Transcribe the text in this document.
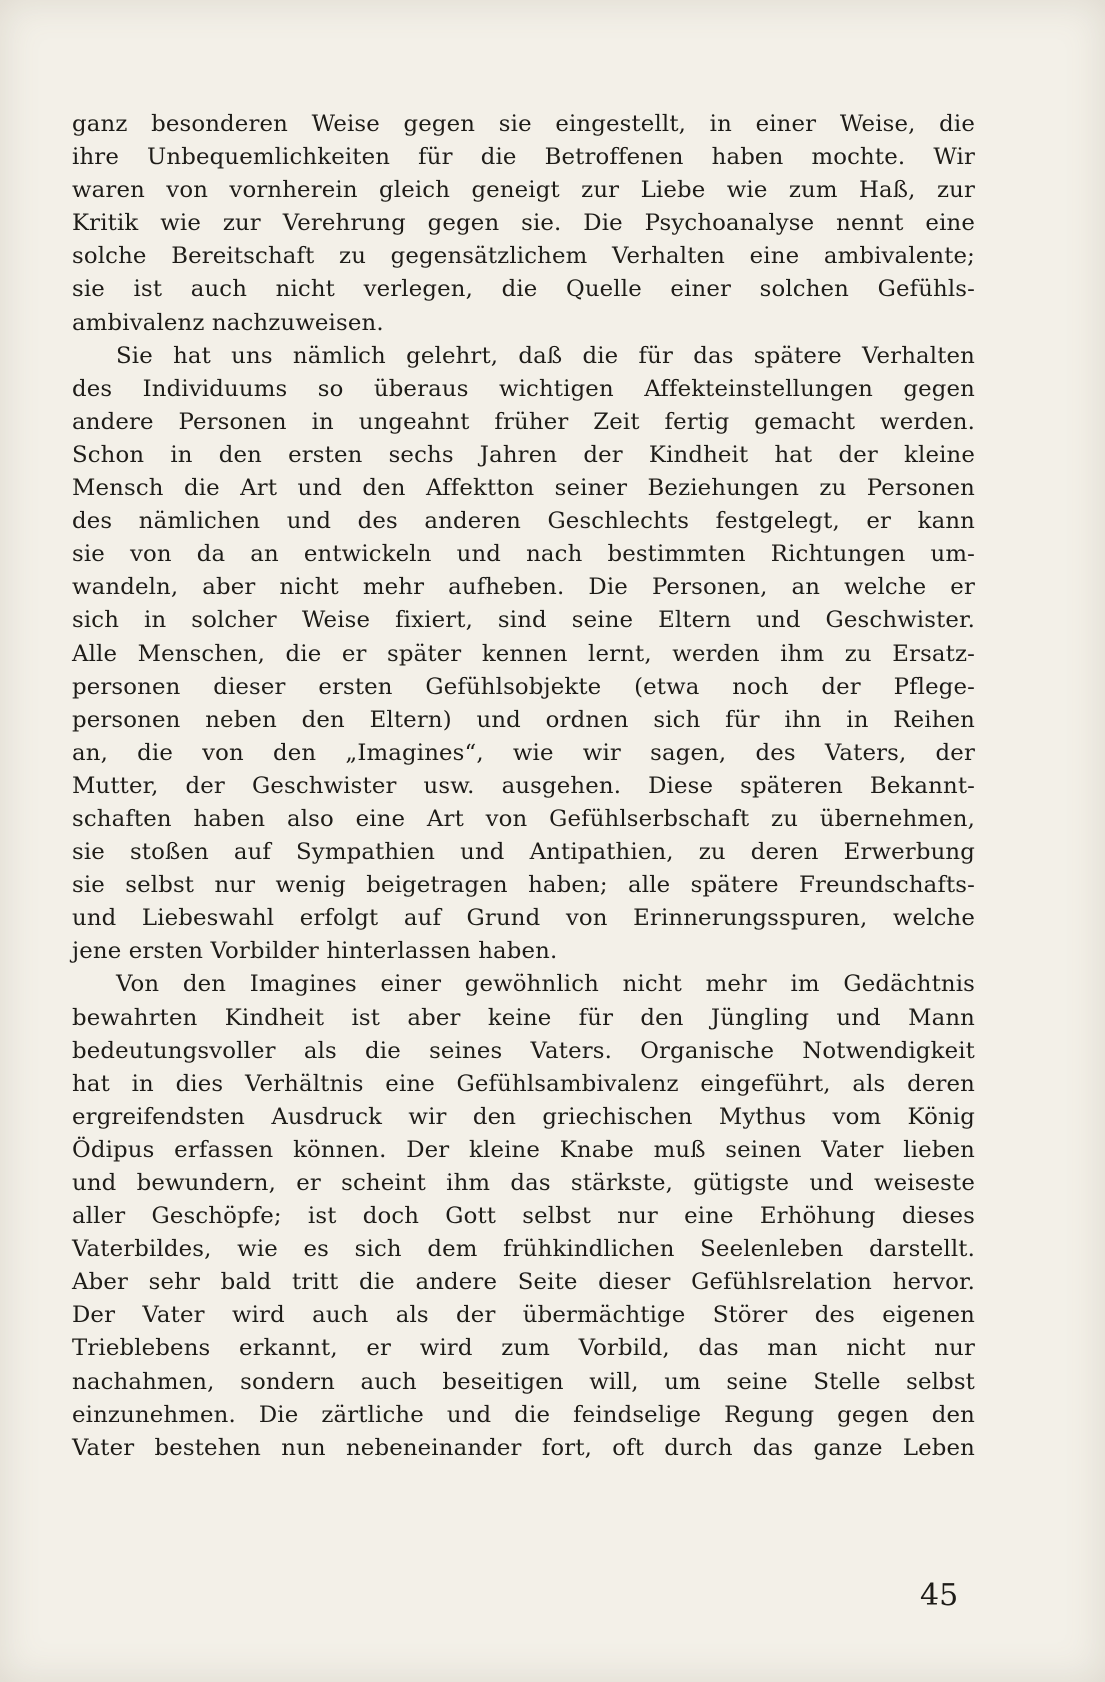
ganz besonderen Weise gegen sie eingestellt, in einer Weise, die
ihre Unbequemlichkeiten für die Betroffenen haben mochte. Wir
waren von vornherein gleich geneigt zur Liebe wie zum Haß, zur
Kritik wie zur Verehrung gegen sie. Die Psychoanalyse nennt eine
solche Bereitschaft zu gegensätzlichem Verhalten eine ambivalente;
sie ist auch nicht verlegen, die Quelle einer solchen Gefühls-
ambivalenz nachzuweisen.
Sie hat uns nämlich gelehrt, daß die für das spätere Verhalten
des Individuums so überaus wichtigen Affekteinstellungen gegen
andere Personen in ungeahnt früher Zeit fertig gemacht werden.
Schon in den ersten sechs Jahren der Kindheit hat der kleine
Mensch die Art und den Affektton seiner Beziehungen zu Personen
des nämlichen und des anderen Geschlechts festgelegt, er kann
sie von da an entwickeln und nach bestimmten Richtungen um-
wandeln, aber nicht mehr aufheben. Die Personen, an welche er
sich in solcher Weise fixiert, sind seine Eltern und Geschwister.
Alle Menschen, die er später kennen lernt, werden ihm zu Ersatz-
personen dieser ersten Gefühlsobjekte (etwa noch der Pflege-
personen neben den Eltern) und ordnen sich für ihn in Reihen
an, die von den „Imagines“, wie wir sagen, des Vaters, der
Mutter, der Geschwister usw. ausgehen. Diese späteren Bekannt-
schaften haben also eine Art von Gefühlserbschaft zu übernehmen,
sie stoßen auf Sympathien und Antipathien, zu deren Erwerbung
sie selbst nur wenig beigetragen haben; alle spätere Freundschafts-
und Liebeswahl erfolgt auf Grund von Erinnerungsspuren, welche
jene ersten Vorbilder hinterlassen haben.
Von den Imagines einer gewöhnlich nicht mehr im Gedächtnis
bewahrten Kindheit ist aber keine für den Jüngling und Mann
bedeutungsvoller als die seines Vaters. Organische Notwendigkeit
hat in dies Verhältnis eine Gefühlsambivalenz eingeführt, als deren
ergreifendsten Ausdruck wir den griechischen Mythus vom König
Ödipus erfassen können. Der kleine Knabe muß seinen Vater lieben
und bewundern, er scheint ihm das stärkste, gütigste und weiseste
aller Geschöpfe; ist doch Gott selbst nur eine Erhöhung dieses
Vaterbildes, wie es sich dem frühkindlichen Seelenleben darstellt.
Aber sehr bald tritt die andere Seite dieser Gefühlsrelation hervor.
Der Vater wird auch als der übermächtige Störer des eigenen
Trieblebens erkannt, er wird zum Vorbild, das man nicht nur
nachahmen, sondern auch beseitigen will, um seine Stelle selbst
einzunehmen. Die zärtliche und die feindselige Regung gegen den
Vater bestehen nun nebeneinander fort, oft durch das ganze Leben
45
